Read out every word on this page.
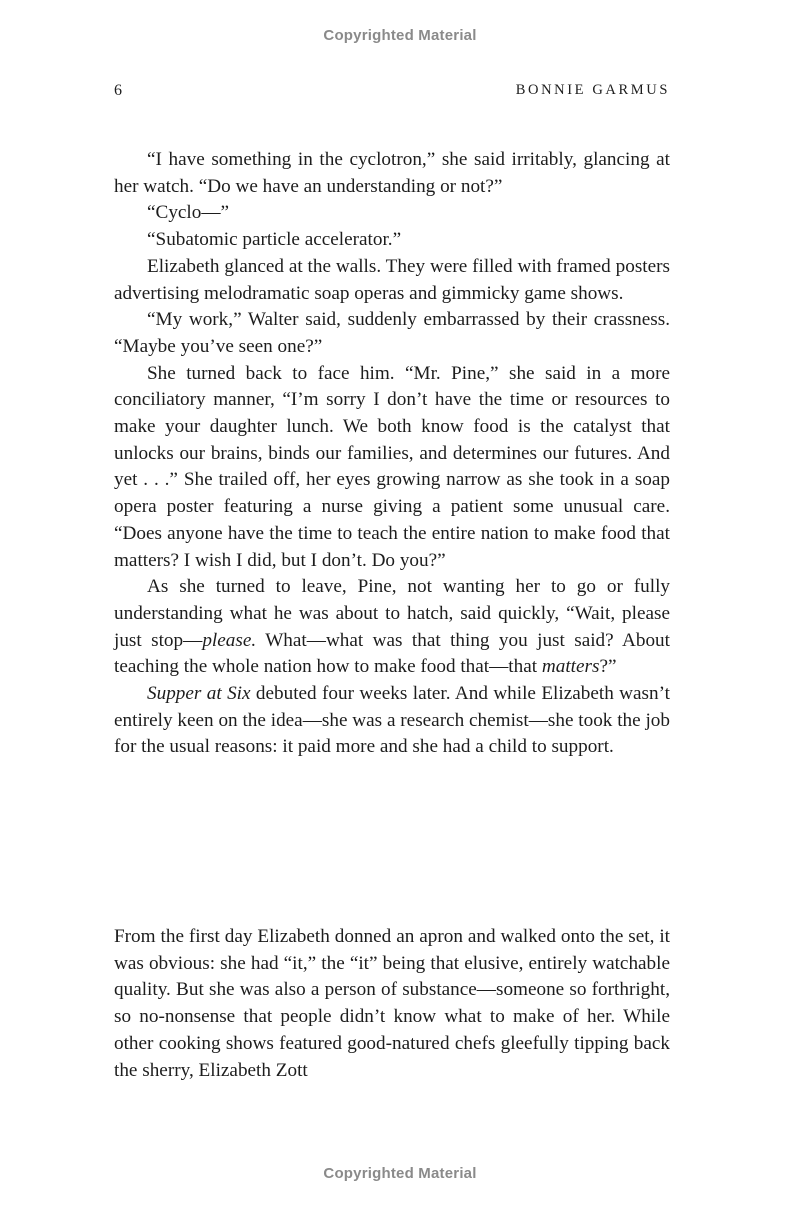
Copyrighted Material
6	BONNIE GARMUS

“I have something in the cyclotron,” she said irritably, glancing at her watch. “Do we have an understanding or not?”

“Cyclo—”

“Subatomic particle accelerator.”

Elizabeth glanced at the walls. They were filled with framed posters advertising melodramatic soap operas and gimmicky game shows.

“My work,” Walter said, suddenly embarrassed by their crassness. “Maybe you’ve seen one?”

She turned back to face him. “Mr. Pine,” she said in a more conciliatory manner, “I’m sorry I don’t have the time or resources to make your daughter lunch. We both know food is the catalyst that unlocks our brains, binds our families, and determines our futures. And yet . . .” She trailed off, her eyes growing narrow as she took in a soap opera poster featuring a nurse giving a patient some unusual care. “Does anyone have the time to teach the entire nation to make food that matters? I wish I did, but I don’t. Do you?”

As she turned to leave, Pine, not wanting her to go or fully understanding what he was about to hatch, said quickly, “Wait, please just stop—please. What—what was that thing you just said? About teaching the whole nation how to make food that—that matters?”

Supper at Six debuted four weeks later. And while Elizabeth wasn’t entirely keen on the idea—she was a research chemist—she took the job for the usual reasons: it paid more and she had a child to support.

From the first day Elizabeth donned an apron and walked onto the set, it was obvious: she had “it,” the “it” being that elusive, entirely watchable quality. But she was also a person of substance—someone so forthright, so no-nonsense that people didn’t know what to make of her. While other cooking shows featured good-natured chefs gleefully tipping back the sherry, Elizabeth Zott

Copyrighted Material
